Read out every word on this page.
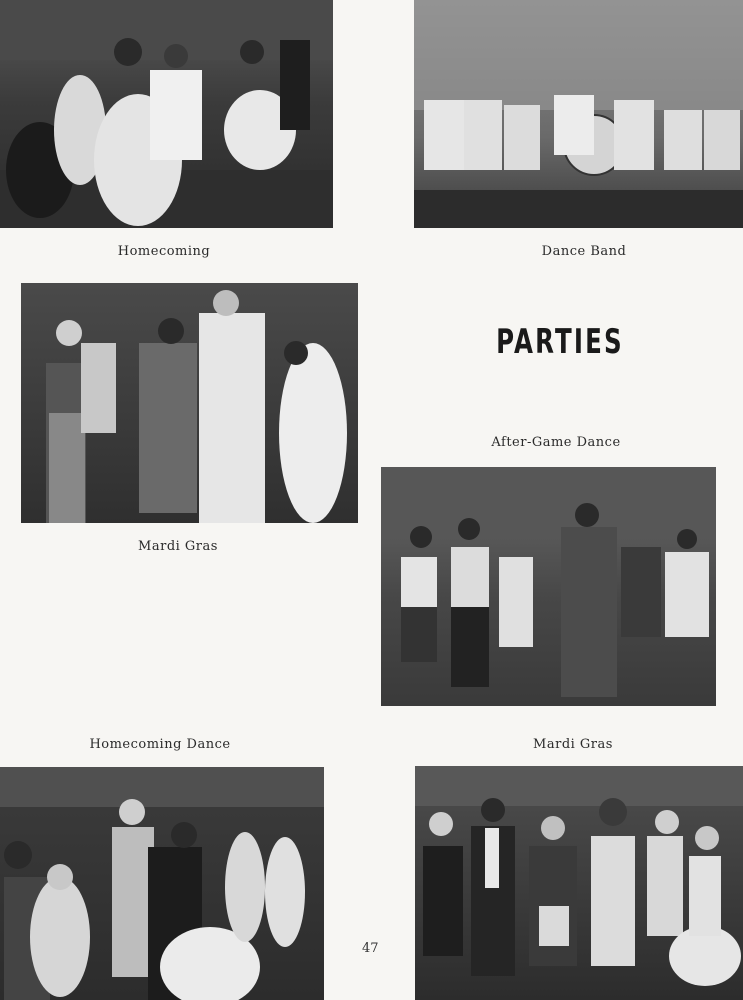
Homecoming	Dance Band
Mardi Gras
PARTIES
After-Game Dance
Homecoming Dance	Mardi Gras
47
